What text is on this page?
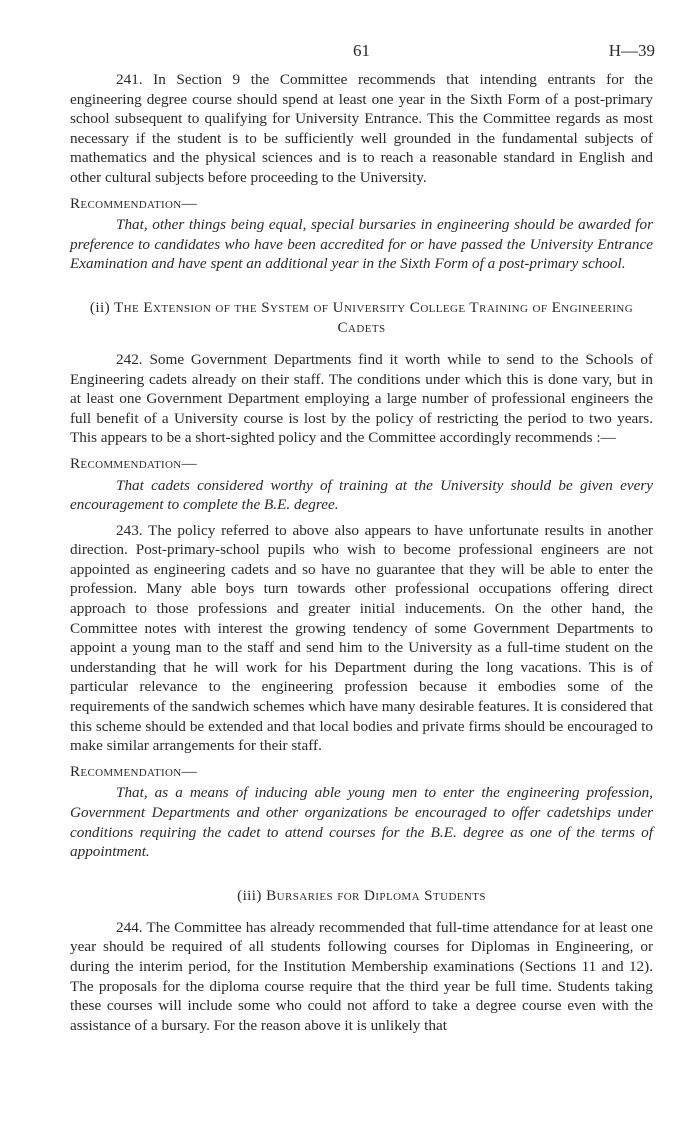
61	H—39

241. In Section 9 the Committee recommends that intending entrants for the engineering degree course should spend at least one year in the Sixth Form of a post-primary school subsequent to qualifying for University Entrance. This the Committee regards as most necessary if the student is to be sufficiently well grounded in the fundamental subjects of mathematics and the physical sciences and is to reach a reasonable standard in English and other cultural subjects before proceeding to the University.

Recommendation—

That, other things being equal, special bursaries in engineering should be awarded for preference to candidates who have been accredited for or have passed the University Entrance Examination and have spent an additional year in the Sixth Form of a post-primary school.

(ii) The Extension of the System of University College Training of Engineering Cadets

242. Some Government Departments find it worth while to send to the Schools of Engineering cadets already on their staff. The conditions under which this is done vary, but in at least one Government Department employing a large number of professional engineers the full benefit of a University course is lost by the policy of restricting the period to two years. This appears to be a short-sighted policy and the Committee accordingly recommends :—

Recommendation—

That cadets considered worthy of training at the University should be given every encouragement to complete the B.E. degree.

243. The policy referred to above also appears to have unfortunate results in another direction. Post-primary-school pupils who wish to become professional engineers are not appointed as engineering cadets and so have no guarantee that they will be able to enter the profession. Many able boys turn towards other professional occupations offering direct approach to those professions and greater initial inducements. On the other hand, the Committee notes with interest the growing tendency of some Government Departments to appoint a young man to the staff and send him to the University as a full-time student on the understanding that he will work for his Department during the long vacations. This is of particular relevance to the engineering profession because it embodies some of the requirements of the sandwich schemes which have many desirable features. It is considered that this scheme should be extended and that local bodies and private firms should be encouraged to make similar arrangements for their staff.

Recommendation—

That, as a means of inducing able young men to enter the engineering profession, Government Departments and other organizations be encouraged to offer cadetships under conditions requiring the cadet to attend courses for the B.E. degree as one of the terms of appointment.

(iii) Bursaries for Diploma Students

244. The Committee has already recommended that full-time attendance for at least one year should be required of all students following courses for Diplomas in Engineering, or during the interim period, for the Institution Membership examinations (Sections 11 and 12). The proposals for the diploma course require that the third year be full time. Students taking these courses will include some who could not afford to take a degree course even with the assistance of a bursary. For the reason above it is unlikely that
